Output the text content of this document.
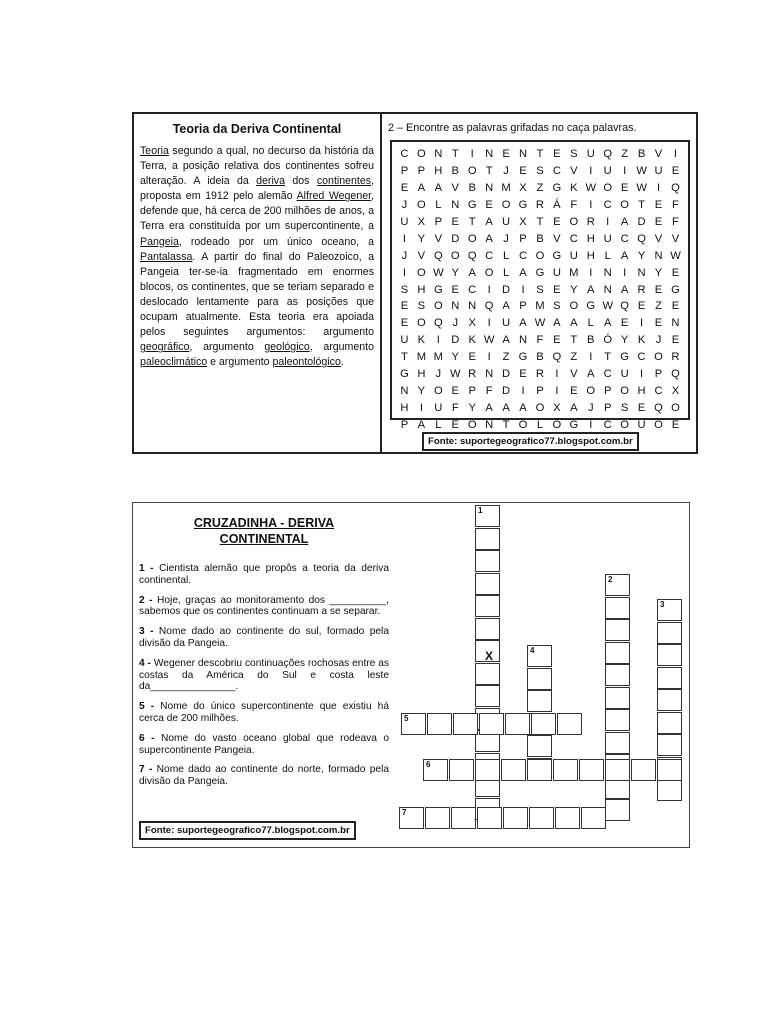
Teoria da Deriva Continental
Teoria segundo a qual, no decurso da história da Terra, a posição relativa dos continentes sofreu alteração. A ideia da deriva dos continentes, proposta em 1912 pelo alemão Alfred Wegener, defende que, há cerca de 200 milhões de anos, a Terra era constituída por um supercontinente, a Pangeia, rodeado por um único oceano, a Pantalassa. A partir do final do Paleozoico, a Pangeia ter-se-ia fragmentado em enormes blocos, os continentes, que se teriam separado e deslocado lentamente para as posições que ocupam atualmente. Esta teoria era apoiada pelos seguintes argumentos: argumento geográfico, argumento geológico, argumento paleoclimático e argumento paleontológico.
2 – Encontre as palavras grifadas no caça palavras.
C O N T	I	N E N T E S U Q Z B V	I
P P H B O T J E S C V	I	U	I W U E
E A A V B N M X Z G K W O E W I Q
J O L N G E O G R Á F	I	C O T E F
U X P E T A U X T E O R	I	A D E F
I	Y V D O A J P B V C H U C Q V V
J V Q O Q C L C O G U H L A Y N W
I O W Y A O L A G U M I	N	I	N Y E
S H G E C	I	D	I	S E Y A N A R E G
E S O N N Q A P M S O G W Q E Z E
E O Q J X	I	U A W A A L A E	I	E N
U K	I	D K W A N F E T B Ó Y K J E
T M M Y E	I	Z G B Q Z	I	T G C O R
G H J W R N D E R	I	V A C U	I	P Q
N Y O E P F D	I	P	I	E O P O H C X
H	I	U F Y A A A O X A J P S E Q O
P A L E O N T O L Ó G I	C O U O E
Fonte: suportegeografico77.blogspot.com.br
CRUZADINHA - DERIVA
CONTINENTAL
1 - Cientista alemão que propôs a teoria da deriva continental.
2 - Hoje, graças ao monitoramento dos __________, sabemos que os continentes continuam a se separar.
3 - Nome dado ao continente do sul, formado pela divisão da Pangeia.
4 - Wegener descobriu continuações rochosas entre as costas da América do Sul e costa leste da_______________.
5 - Nome do único supercontinente que existiu há cerca de 200 milhões.
6 - Nome do vasto oceano global que rodeava o supercontinente Pangeia.
7 - Nome dado ao continente do norte, formado pela divisão da Pangeia.
Fonte: suportegeografico77.blogspot.com.br
1
2
3
4
5
6
7
X
